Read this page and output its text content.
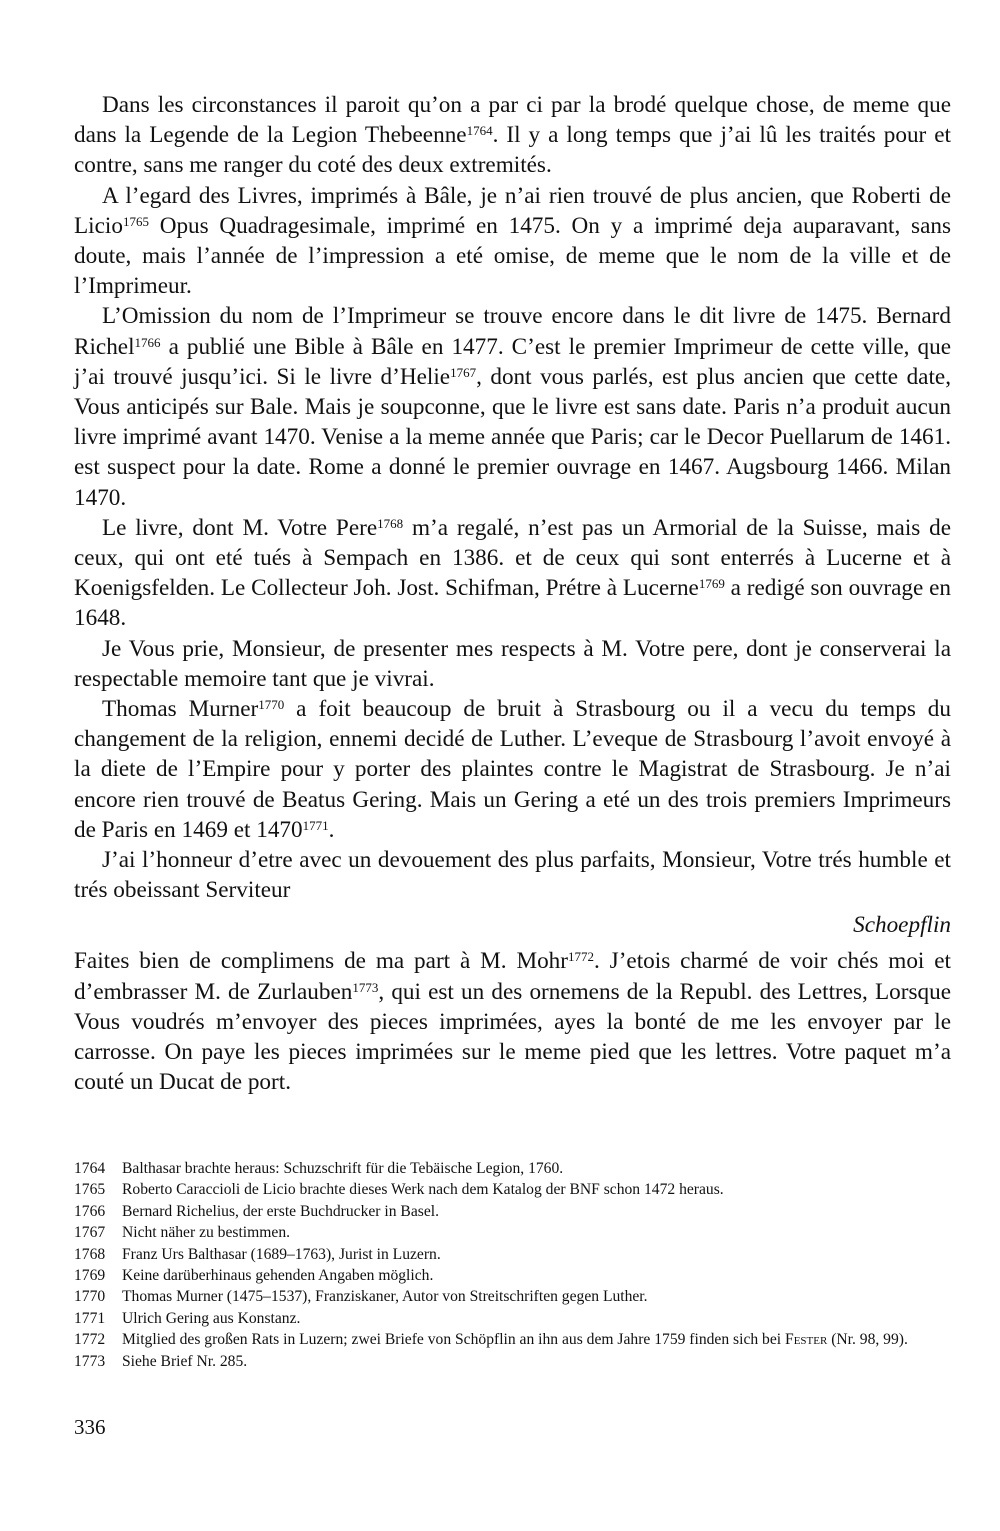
Dans les circonstances il paroit qu’on a par ci par la brodé quelque chose, de meme que dans la Legende de la Legion Thebeenne$^{1764}$. Il y a long temps que j’ai lû les traités pour et contre, sans me ranger du coté des deux extremités.

A l’egard des Livres, imprimés à Bâle, je n’ai rien trouvé de plus ancien, que Roberti de Licio$^{1765}$ Opus Quadragesimale, imprimé en 1475. On y a imprimé deja auparavant, sans doute, mais l’année de l’impression a eté omise, de meme que le nom de la ville et de l’Imprimeur.

L’Omission du nom de l’Imprimeur se trouve encore dans le dit livre de 1475. Bernard Richel$^{1766}$ a publié une Bible à Bâle en 1477. C’est le premier Imprimeur de cette ville, que j’ai trouvé jusqu’ici. Si le livre d’Helie$^{1767}$, dont vous parlés, est plus ancien que cette date, Vous anticipés sur Bale. Mais je soupconne, que le livre est sans date. Paris n’a produit aucun livre imprimé avant 1470. Venise a la meme année que Paris; car le Decor Puellarum de 1461. est suspect pour la date. Rome a donné le premier ouvrage en 1467. Augsbourg 1466. Milan 1470.

Le livre, dont M. Votre Pere$^{1768}$ m’a regalé, n’est pas un Armorial de la Suisse, mais de ceux, qui ont eté tués à Sempach en 1386. et de ceux qui sont enterrés à Lucerne et à Koenigsfelden. Le Collecteur Joh. Jost. Schifman, Prétre à Lucerne$^{1769}$ a redigé son ouvrage en 1648.

Je Vous prie, Monsieur, de presenter mes respects à M. Votre pere, dont je conserverai la respectable memoire tant que je vivrai.

Thomas Murner$^{1770}$ a foit beaucoup de bruit à Strasbourg ou il a vecu du temps du changement de la religion, ennemi decidé de Luther. L’eveque de Strasbourg l’avoit envoyé à la diete de l’Empire pour y porter des plaintes contre le Magistrat de Strasbourg. Je n’ai encore rien trouvé de Beatus Gering. Mais un Gering a eté un des trois premiers Imprimeurs de Paris en 1469 et $1470^{1771}$.

J’ai l’honneur d’etre avec un devouement des plus parfaits, Monsieur, Votre trés humble et trés obeissant Serviteur

Schoepflin

Faites bien de complimens de ma part à M. Mohr$^{1772}$. J’etois charmé de voir chés moi et d’embrasser M. de Zurlauben$^{1773}$, qui est un des ornemens de la Republ. des Lettres, Lorsque Vous voudrés m’envoyer des pieces imprimées, ayes la bonté de me les envoyer par le carrosse. On paye les pieces imprimées sur le meme pied que les lettres. Votre paquet m’a couté un Ducat de port.

1764	Balthasar brachte heraus: Schuzschrift für die Tebäische Legion, 1760.
1765	Roberto Caraccioli de Licio brachte dieses Werk nach dem Katalog der BNF schon 1472 heraus.
1766	Bernard Richelius, der erste Buchdrucker in Basel.
1767	Nicht näher zu bestimmen.
1768	Franz Urs Balthasar (1689–1763), Jurist in Luzern.
1769	Keine darüberhinaus gehenden Angaben möglich.
1770	Thomas Murner (1475–1537), Franziskaner, Autor von Streitschriften gegen Luther.
1771	Ulrich Gering aus Konstanz.
1772	Mitglied des großen Rats in Luzern; zwei Briefe von Schöpflin an ihn aus dem Jahre 1759 finden sich bei Fester (Nr. 98, 99).
1773	Siehe Brief Nr. 285.
336
